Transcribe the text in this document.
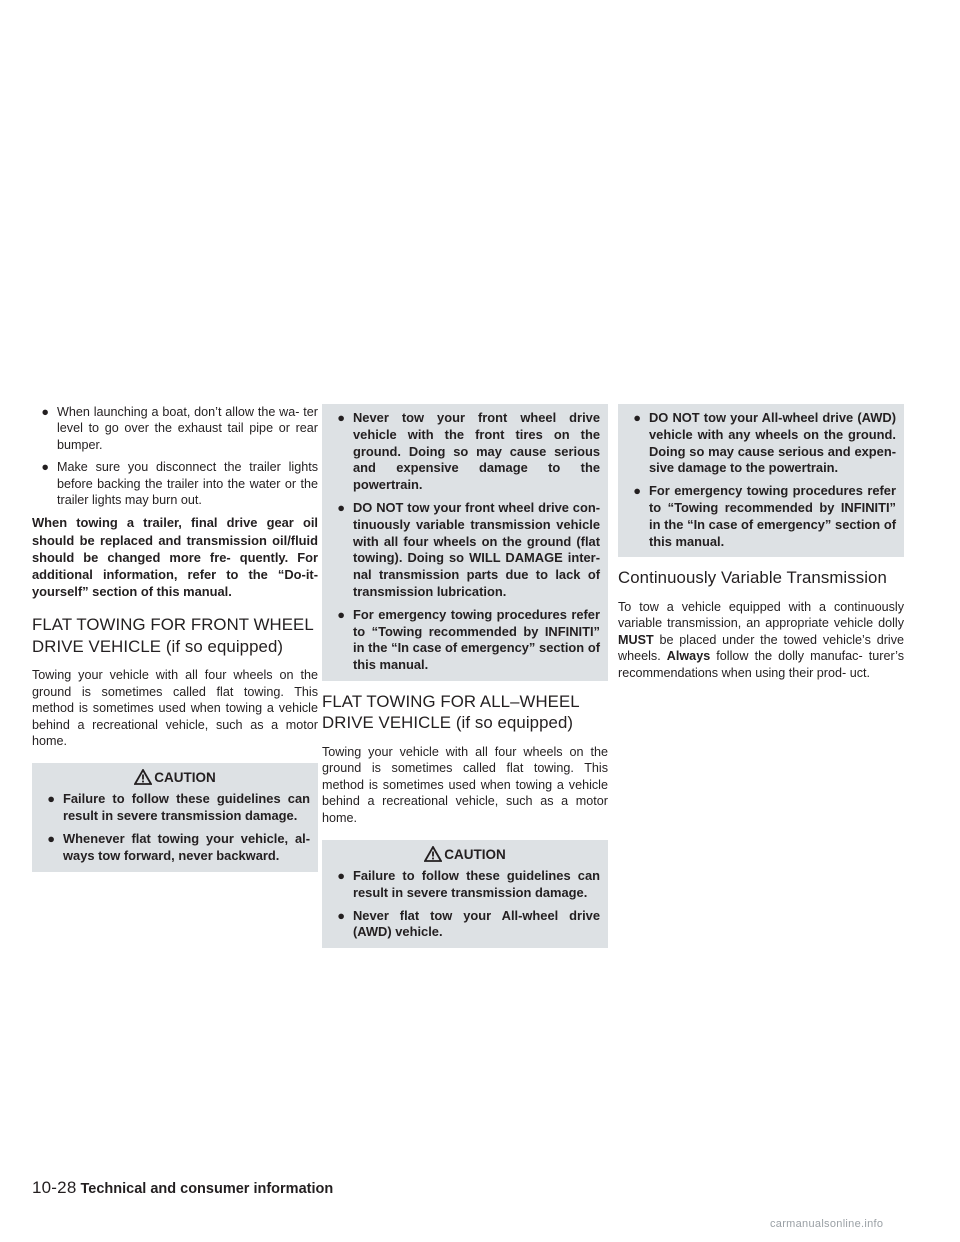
● When launching a boat, don’t allow the wa- ter level to go over the exhaust tail pipe or rear bumper.
● Make sure you disconnect the trailer lights before backing the trailer into the water or the trailer lights may burn out.

When towing a trailer, final drive gear oil should be replaced and transmission oil/fluid should be changed more fre- quently. For additional information, refer to the “Do-it-yourself” section of this manual.

FLAT TOWING FOR FRONT WHEEL
DRIVE VEHICLE (if so equipped)

Towing your vehicle with all four wheels on the ground is sometimes called flat towing. This method is sometimes used when towing a vehicle behind a recreational vehicle, such as a motor home.

CAUTION
● Failure to follow these guidelines can result in severe transmission damage.
● Whenever flat towing your vehicle, al- ways tow forward, never backward.
● Never tow your front wheel drive vehicle with the front tires on the ground. Doing so may cause serious and expensive damage to the powertrain.
● DO NOT tow your front wheel drive con- tinuously variable transmission vehicle with all four wheels on the ground (flat towing). Doing so WILL DAMAGE inter- nal transmission parts due to lack of transmission lubrication.
● For emergency towing procedures refer to “Towing recommended by INFINITI” in the “In case of emergency” section of this manual.
FLAT TOWING FOR ALL–WHEEL
DRIVE VEHICLE (if so equipped)

Towing your vehicle with all four wheels on the ground is sometimes called flat towing. This method is sometimes used when towing a vehicle behind a recreational vehicle, such as a motor home.

CAUTION
● Failure to follow these guidelines can result in severe transmission damage.
● Never flat tow your All-wheel drive (AWD) vehicle.
● DO NOT tow your All-wheel drive (AWD) vehicle with any wheels on the ground. Doing so may cause serious and expen- sive damage to the powertrain.
● For emergency towing procedures refer to “Towing recommended by INFINITI” in the “In case of emergency” section of this manual.
Continuously Variable Transmission

To tow a vehicle equipped with a continuously variable transmission, an appropriate vehicle dolly MUST be placed under the towed vehicle’s drive wheels. Always follow the dolly manufac- turer’s recommendations when using their prod- uct.

10-28 Technical and consumer information
carmanualsonline.info
